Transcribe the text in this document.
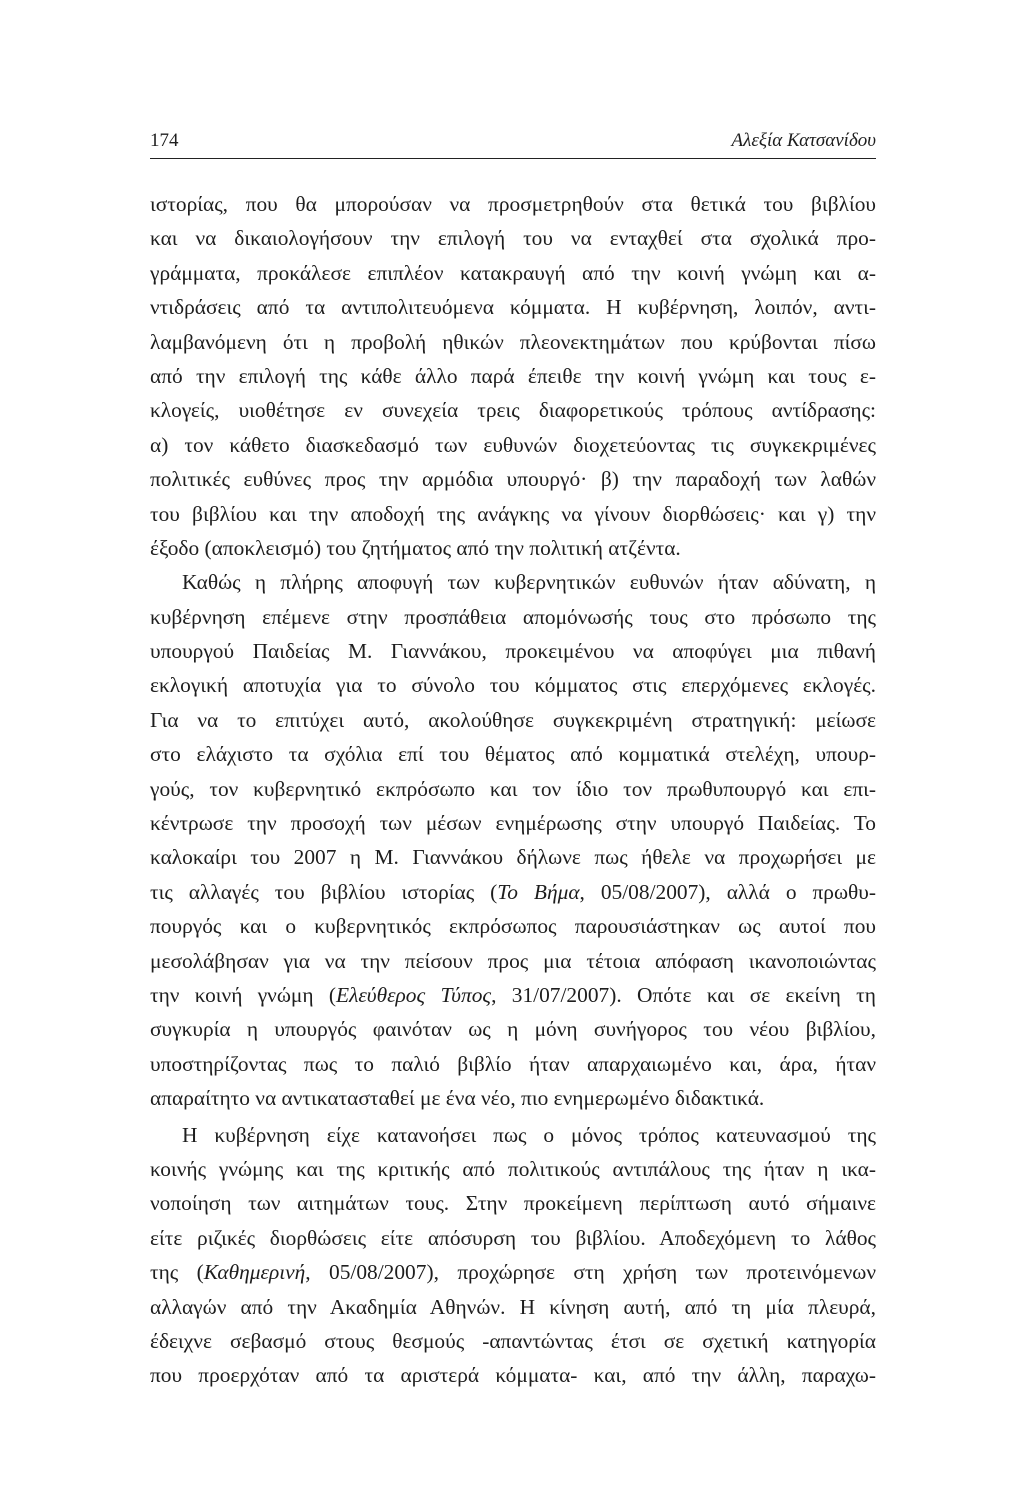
174	Αλεξία Κατσανίδου
ιστορίας, που θα μπορούσαν να προσμετρηθούν στα θετικά του βιβλίου
και να δικαιολογήσουν την επιλογή του να ενταχθεί στα σχολικά προ-
γράμματα, προκάλεσε επιπλέον κατακραυγή από την κοινή γνώμη και α-
ντιδράσεις από τα αντιπολιτευόμενα κόμματα. Η κυβέρνηση, λοιπόν, αντι-
λαμβανόμενη ότι η προβολή ηθικών πλεονεκτημάτων που κρύβονται πίσω
από την επιλογή της κάθε άλλο παρά έπειθε την κοινή γνώμη και τους ε-
κλογείς, υιοθέτησε εν συνεχεία τρεις διαφορετικούς τρόπους αντίδρασης:
α) τον κάθετο διασκεδασμό των ευθυνών διοχετεύοντας τις συγκεκριμένες
πολιτικές ευθύνες προς την αρμόδια υπουργό· β) την παραδοχή των λαθών
του βιβλίου και την αποδοχή της ανάγκης να γίνουν διορθώσεις· και γ) την
έξοδο (αποκλεισμό) του ζητήματος από την πολιτική ατζέντα.
Καθώς η πλήρης αποφυγή των κυβερνητικών ευθυνών ήταν αδύνατη, η
κυβέρνηση επέμενε στην προσπάθεια απομόνωσής τους στο πρόσωπο της
υπουργού Παιδείας Μ. Γιαννάκου, προκειμένου να αποφύγει μια πιθανή
εκλογική αποτυχία για το σύνολο του κόμματος στις επερχόμενες εκλογές.
Για να το επιτύχει αυτό, ακολούθησε συγκεκριμένη στρατηγική: μείωσε
στο ελάχιστο τα σχόλια επί του θέματος από κομματικά στελέχη, υπουρ-
γούς, τον κυβερνητικό εκπρόσωπο και τον ίδιο τον πρωθυπουργό και επι-
κέντρωσε την προσοχή των μέσων ενημέρωσης στην υπουργό Παιδείας. Το
καλοκαίρι του 2007 η Μ. Γιαννάκου δήλωνε πως ήθελε να προχωρήσει με
τις αλλαγές του βιβλίου ιστορίας (Το Βήμα, 05/08/2007), αλλά ο πρωθυ-
πουργός και ο κυβερνητικός εκπρόσωπος παρουσιάστηκαν ως αυτοί που
μεσολάβησαν για να την πείσουν προς μια τέτοια απόφαση ικανοποιώντας
την κοινή γνώμη (Ελεύθερος Τύπος, 31/07/2007). Οπότε και σε εκείνη τη
συγκυρία η υπουργός φαινόταν ως η μόνη συνήγορος του νέου βιβλίου,
υποστηρίζοντας πως το παλιό βιβλίο ήταν απαρχαιωμένο και, άρα, ήταν
απαραίτητο να αντικατασταθεί με ένα νέο, πιο ενημερωμένο διδακτικά.
Η κυβέρνηση είχε κατανοήσει πως ο μόνος τρόπος κατευνασμού της
κοινής γνώμης και της κριτικής από πολιτικούς αντιπάλους της ήταν η ικα-
νοποίηση των αιτημάτων τους. Στην προκείμενη περίπτωση αυτό σήμαινε
είτε ριζικές διορθώσεις είτε απόσυρση του βιβλίου. Αποδεχόμενη το λάθος
της (Καθημερινή, 05/08/2007), προχώρησε στη χρήση των προτεινόμενων
αλλαγών από την Ακαδημία Αθηνών. Η κίνηση αυτή, από τη μία πλευρά,
έδειχνε σεβασμό στους θεσμούς -απαντώντας έτσι σε σχετική κατηγορία
που προερχόταν από τα αριστερά κόμματα- και, από την άλλη, παραχω-
